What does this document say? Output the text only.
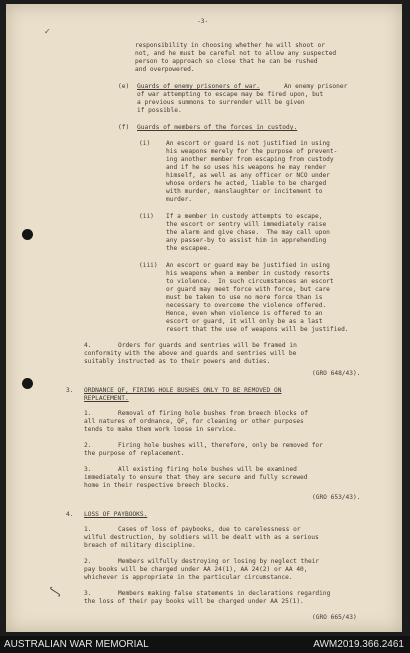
✓
∫
-3-
responsibility in choosing whether he will shoot or
not, and he must be careful not to allow any suspected
person to approach so close that he can be rushed
and overpowered.
(e) Guards of enemy prisoners of war.	An enemy prisoner
of war attempting to escape may be fired upon, but
a previous summons to surrender will be given
if possible.
(f) Guards of members of the forces in custody.
(i)	An escort or guard is not justified in using
his weapons merely for the purpose of prevent-
ing another member from escaping from custody
and if he so uses his weapons he may render
himself, as well as any officer or NCO under
whose orders he acted, liable to be charged
with murder, manslaughter or incitement to
murder.
(ii) If a member in custody attempts to escape,
the escort or sentry will immediately raise
the alarm and give chase.  The may call upon
any passer-by to assist him in apprehending
the escapee.
(iii) An escort or guard may be justified in using
his weapons when a member in custody resorts
to violence.  In such circumstances an escort
or guard may meet force with force, but care
must be taken to use no more force than is
necessary to overcome the violence offered.
Hence, even when violence is offered to an
escort or guard, it will only be as a last
resort that the use of weapons will be justified.
4.	Orders for guards and sentries will be framed in
conformity with the above and guards and sentries will be
suitably instructed as to their powers and duties.
(GRO 648/43).
3. ORDNANCE QF, FIRING HOLE BUSHES ONLY TO BE REMOVED ON
REPLACEMENT.
1.	Removal of firing hole bushes from breech blocks of
all natures of ordnance, QF, for cleaning or other purposes
tends to make them work loose in service.
2.	Firing hole bushes will, therefore, only be removed for
the purpose of replacement.
3.	All existing firing hole bushes will be examined
immediately to ensure that they are secure and fully screwed
home in their respective breech blocks.
(GRO 653/43).
4. LOSS OF PAYBOOKS.
1.	Cases of loss of paybooks, due to carelessness or
wilful destruction, by soldiers will be dealt with as a serious
breach of military discipline.
2.	Members wilfully destroying or losing by neglect their
pay books will be charged under AA 24(1), AA 24(2) or AA 40,
whichever is appropriate in the particular circumstance.
3.	Members making false statements in declarations regarding
the loss of their pay books will be charged under AA 25(1).
(GRO 665/43)
AUSTRALIAN WAR MEMORIAL	AWM2019.366.2461
